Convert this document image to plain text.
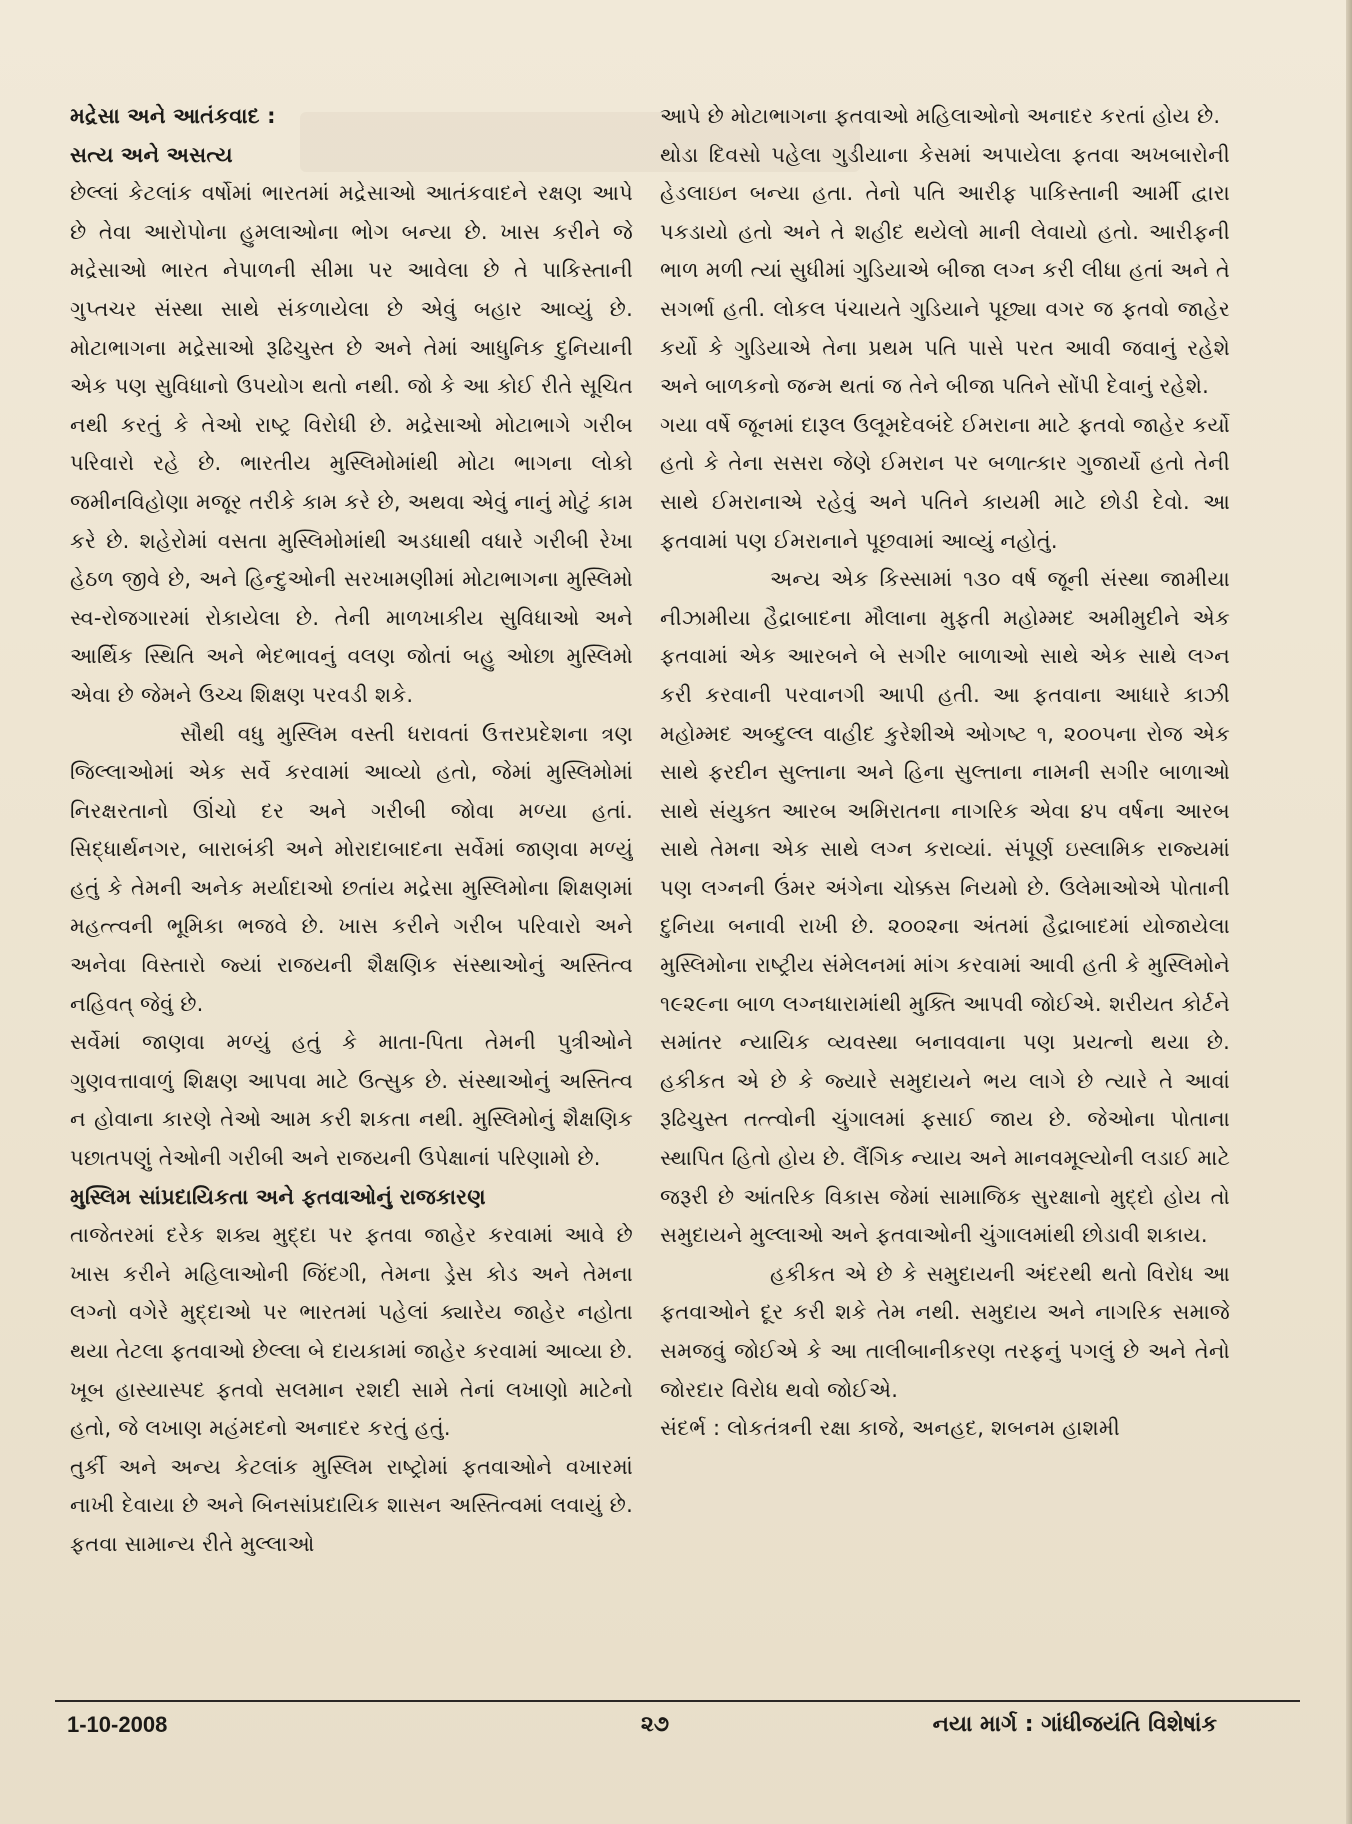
મદ્રેસા અને આતંકવાદ :

સત્ય અને અસત્ય

છેલ્લાં કેટલાંક વર્ષોમાં ભારતમાં મદ્રેસાઓ આતંકવાદને રક્ષણ આપે છે તેવા આરોપોના હુમલાઓના ભોગ બન્યા છે. ખાસ કરીને જે મદ્રેસાઓ ભારત નેપાળની સીમા પર આવેલા છે તે પાકિસ્તાની ગુપ્તચર સંસ્થા સાથે સંકળાયેલા છે એવું બહાર આવ્યું છે. મોટાભાગના મદ્રેસાઓ રૂઢિચુસ્ત છે અને તેમાં આધુનિક દુનિયાની એક પણ સુવિધાનો ઉપયોગ થતો નથી. જો કે આ કોઈ રીતે સૂચિત નથી કરતું કે તેઓ રાષ્ટ્ર વિરોધી છે. મદ્રેસાઓ મોટાભાગે ગરીબ પરિવારો રહે છે. ભારતીય મુસ્લિમોમાંથી મોટા ભાગના લોકો જમીનવિહોણા મજૂર તરીકે કામ કરે છે, અથવા એવું નાનું મોટું કામ કરે છે. શહેરોમાં વસતા મુસ્લિમોમાંથી અડધાથી વધારે ગરીબી રેખા હેઠળ જીવે છે, અને હિન્દુઓની સરખામણીમાં મોટાભાગના મુસ્લિમો સ્વ-રોજગારમાં રોકાયેલા છે. તેની માળખાકીય સુવિધાઓ અને આર્થિક સ્થિતિ અને ભેદભાવનું વલણ જોતાં બહુ ઓછા મુસ્લિમો એવા છે જેમને ઉચ્ચ શિક્ષણ પરવડી શકે.

સૌથી વધુ મુસ્લિમ વસ્તી ધરાવતાં ઉત્તરપ્રદેશના ત્રણ જિલ્લાઓમાં એક સર્વે કરવામાં આવ્યો હતો, જેમાં મુસ્લિમોમાં નિરક્ષરતાનો ઊંચો દર અને ગરીબી જોવા મળ્યા હતાં. સિદ્ધાર્થનગર, બારાબંકી અને મોરાદાબાદના સર્વેમાં જાણવા મળ્યું હતું કે તેમની અનેક મર્યાદાઓ છતાંય મદ્રેસા મુસ્લિમોના શિક્ષણમાં મહત્ત્વની ભૂમિકા ભજવે છે. ખાસ કરીને ગરીબ પરિવારો અને અનેવા વિસ્તારો જ્યાં રાજયની શૈક્ષણિક સંસ્થાઓનું અસ્તિત્વ નહિવત્ જેવું છે.

સર્વેમાં જાણવા મળ્યું હતું કે માતા-પિતા તેમની પુત્રીઓને ગુણવત્તાવાળું શિક્ષણ આપવા માટે ઉત્સુક છે. સંસ્થાઓનું અસ્તિત્વ ન હોવાના કારણે તેઓ આમ કરી શકતા નથી. મુસ્લિમોનું શૈક્ષણિક પછાતપણું તેઓની ગરીબી અને રાજયની ઉપેક્ષાનાં પરિણામો છે.

મુસ્લિમ સાંપ્રદાયિકતા અને ફતવાઓનું રાજકારણ

તાજેતરમાં દરેક શક્ય મુદ્દા પર ફતવા જાહેર કરવામાં આવે છે ખાસ કરીને મહિલાઓની જિંદગી, તેમના ડ્રેસ કોડ અને તેમના લગ્નો વગેરે મુદ્દાઓ પર ભારતમાં પહેલાં ક્યારેય જાહેર નહોતા થયા તેટલા ફતવાઓ છેલ્લા બે દાયકામાં જાહેર કરવામાં આવ્યા છે. ખૂબ હાસ્યાસ્પદ ફતવો સલમાન રશદી સામે તેનાં લખાણો માટેનો હતો, જે લખાણ મહંમદનો અનાદર કરતું હતું.

તુર્કી અને અન્ય કેટલાંક મુસ્લિમ રાષ્ટ્રોમાં ફતવાઓને વખારમાં નાખી દેવાયા છે અને બિનસાંપ્રદાયિક શાસન અસ્તિત્વમાં લવાયું છે. ફતવા સામાન્ય રીતે મુલ્લાઓ

આપે છે મોટાભાગના ફતવાઓ મહિલાઓનો અનાદર કરતાં હોય છે.

થોડા દિવસો પહેલા ગુડીયાના કેસમાં અપાયેલા ફતવા અખબારોની હેડલાઇન બન્યા હતા. તેનો પતિ આરીફ પાકિસ્તાની આર્મી દ્વારા પકડાયો હતો અને તે શહીદ થયેલો માની લેવાયો હતો. આરીફની ભાળ મળી ત્યાં સુધીમાં ગુડિયાએ બીજા લગ્ન કરી લીધા હતાં અને તે સગર્ભા હતી. લોકલ પંચાયતે ગુડિયાને પૂછ્યા વગર જ ફતવો જાહેર કર્યો કે ગુડિયાએ તેના પ્રથમ પતિ પાસે પરત આવી જવાનું રહેશે અને બાળકનો જન્મ થતાં જ તેને બીજા પતિને સોંપી દેવાનું રહેશે.

ગયા વર્ષે જૂનમાં દારૂલ ઉલૂમદેવબંદે ઈમરાના માટે ફતવો જાહેર કર્યો હતો કે તેના સસરા જેણે ઈમરાન પર બળાત્કાર ગુજાર્યો હતો તેની સાથે ઈમરાનાએ રહેવું અને પતિને કાયમી માટે છોડી દેવો. આ ફતવામાં પણ ઈમરાનાને પૂછવામાં આવ્યું નહોતું.

અન્ય એક કિસ્સામાં ૧૩૦ વર્ષ જૂની સંસ્થા જામીયા નીઝામીયા હૈદ્રાબાદના મૌલાના મુફતી મહોમ્મદ અમીમુદીને એક ફતવામાં એક આરબને બે સગીર બાળાઓ સાથે એક સાથે લગ્ન કરી કરવાની પરવાનગી આપી હતી. આ ફતવાના આધારે કાઝી મહોમ્મદ અબ્દુલ્લ વાહીદ કુરેશીએ ઓગષ્ટ ૧, ૨૦૦૫ના રોજ એક સાથે ફરદીન સુલ્તાના અને હિના સુલ્તાના નામની સગીર બાળાઓ સાથે સંયુક્ત આરબ અમિરાતના નાગરિક એવા ૪૫ વર્ષના આરબ સાથે તેમના એક સાથે લગ્ન કરાવ્યાં. સંપૂર્ણ ઇસ્લામિક રાજ્યમાં પણ લગ્નની ઉંમર અંગેના ચોક્કસ નિયમો છે. ઉલેમાઓએ પોતાની દુનિયા બનાવી રાખી છે. ૨૦૦૨ના અંતમાં હૈદ્રાબાદમાં યોજાયેલા મુસ્લિમોના રાષ્ટ્રીય સંમેલનમાં માંગ કરવામાં આવી હતી કે મુસ્લિમોને ૧૯૨૯ના બાળ લગ્નધારામાંથી મુક્તિ આપવી જોઈએ. શરીયત કોર્ટને સમાંતર ન્યાયિક વ્યવસ્થા બનાવવાના પણ પ્રયત્નો થયા છે. હકીકત એ છે કે જ્યારે સમુદાયને ભય લાગે છે ત્યારે તે આવાં રૂઢિચુસ્ત તત્ત્વોની ચુંગાલમાં ફસાઈ જાય છે. જેઓના પોતાના સ્થાપિત હિતો હોય છે. લૈંગિક ન્યાય અને માનવમૂલ્યોની લડાઈ માટે જરૂરી છે આંતરિક વિકાસ જેમાં સામાજિક સુરક્ષાનો મુદ્દો હોય તો સમુદાયને મુલ્લાઓ અને ફતવાઓની ચુંગાલમાંથી છોડાવી શકાય.

હકીકત એ છે કે સમુદાયની અંદરથી થતો વિરોધ આ ફતવાઓને દૂર કરી શકે તેમ નથી. સમુદાય અને નાગરિક સમાજે સમજવું જોઈએ કે આ તાલીબાનીકરણ તરફનું પગલું છે અને તેનો જોરદાર વિરોધ થવો જોઈએ.

સંદર્ભ : લોકતંત્રની રક્ષા કાજે, અનહદ, શબનમ હાશમી

1-10-2008	૨૭	નયા માર્ગ : ગાંધીજયંતિ વિશેષાંક
